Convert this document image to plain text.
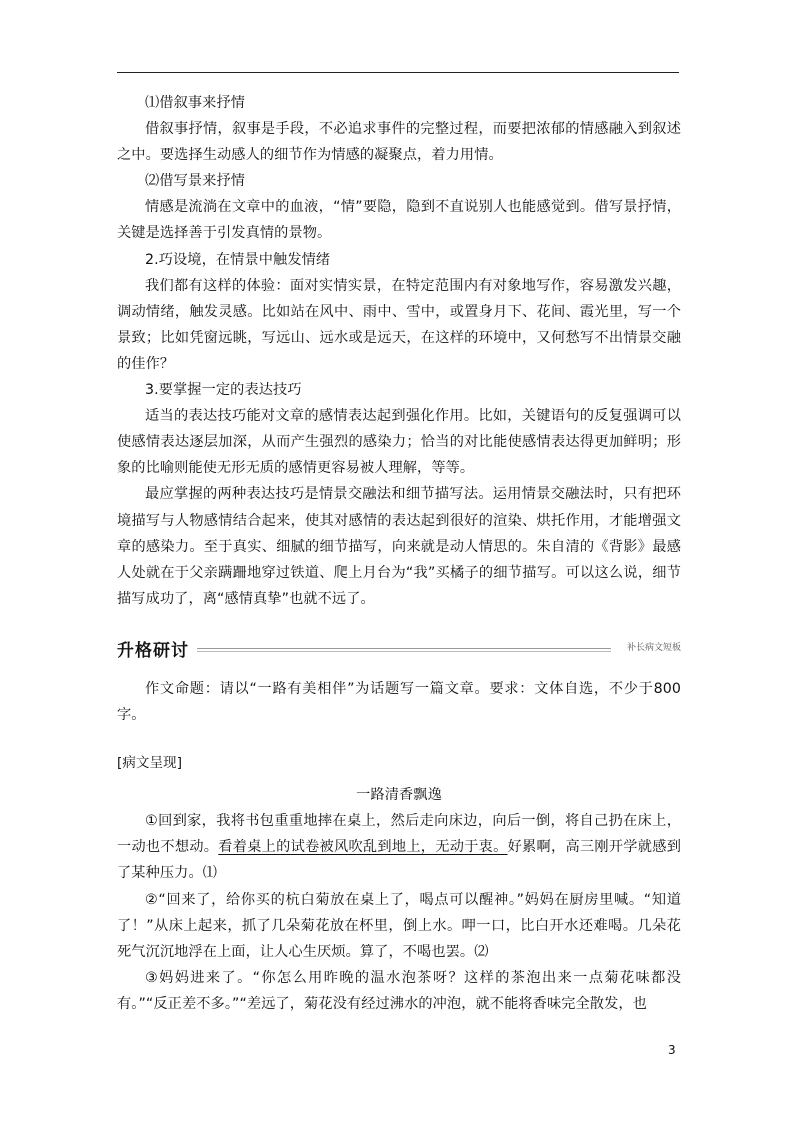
⑴借叙事来抒情

借叙事抒情，叙事是手段，不必追求事件的完整过程，而要把浓郁的情感融入到叙述之中。要选择生动感人的细节作为情感的凝聚点，着力用情。

⑵借写景来抒情

情感是流淌在文章中的血液，“情”要隐，隐到不直说别人也能感觉到。借写景抒情，关键是选择善于引发真情的景物。

2.巧设境，在情景中触发情绪

我们都有这样的体验：面对实情实景，在特定范围内有对象地写作，容易激发兴趣，调动情绪，触发灵感。比如站在风中、雨中、雪中，或置身月下、花间、霞光里，写一个景致；比如凭窗远眺，写远山、远水或是远天，在这样的环境中，又何愁写不出情景交融的佳作？

3.要掌握一定的表达技巧

适当的表达技巧能对文章的感情表达起到强化作用。比如，关键语句的反复强调可以使感情表达逐层加深，从而产生强烈的感染力；恰当的对比能使感情表达得更加鲜明；形象的比喻则能使无形无质的感情更容易被人理解，等等。

最应掌握的两种表达技巧是情景交融法和细节描写法。运用情景交融法时，只有把环境描写与人物感情结合起来，使其对感情的表达起到很好的渲染、烘托作用，才能增强文章的感染力。至于真实、细腻的细节描写，向来就是动人情思的。朱自清的《背影》最感人处就在于父亲蹒跚地穿过铁道、爬上月台为“我”买橘子的细节描写。可以这么说，细节描写成功了，离“感情真挚”也就不远了。

升格研讨	补长病文短板

作文命题：请以“一路有美相伴”为话题写一篇文章。要求：文体自选，不少于800字。

[病文呈现]

一路清香飘逸

①回到家，我将书包重重地摔在桌上，然后走向床边，向后一倒，将自己扔在床上，一动也不想动。看着桌上的试卷被风吹乱到地上，无动于衷。好累啊，高三刚开学就感到了某种压力。⑴

②“回来了，给你买的杭白菊放在桌上了，喝点可以醒神。”妈妈在厨房里喊。“知道了！”从床上起来，抓了几朵菊花放在杯里，倒上水。呷一口，比白开水还难喝。几朵花死气沉沉地浮在上面，让人心生厌烦。算了，不喝也罢。⑵

③妈妈进来了。“你怎么用昨晚的温水泡茶呀？这样的茶泡出来一点菊花味都没有。”“反正差不多。”“差远了，菊花没有经过沸水的冲泡，就不能将香味完全散发，也

3
